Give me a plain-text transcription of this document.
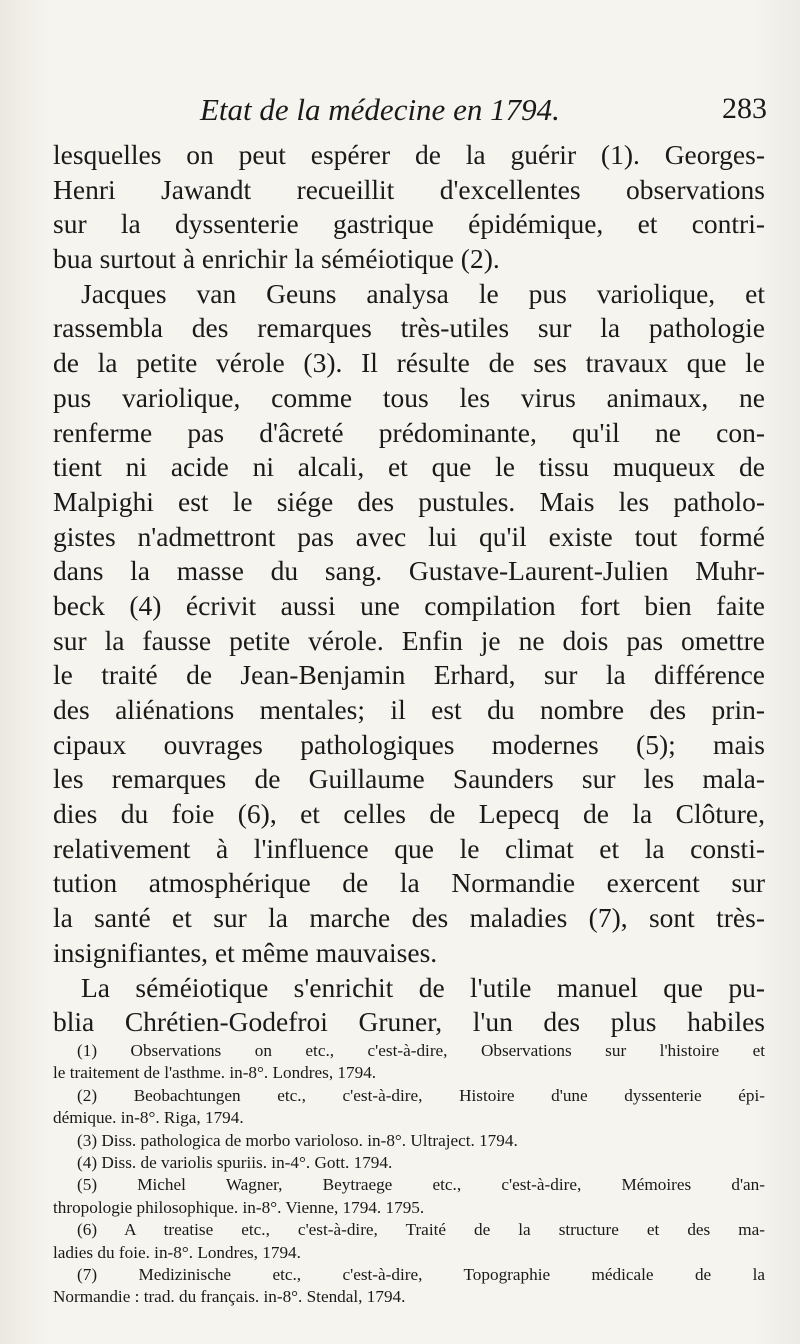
Etat de la médecine en 1794.	283
lesquelles on peut espérer de la guérir (1). Georges-
Henri Jawandt recueillit d'excellentes observations
sur la dyssenterie gastrique épidémique, et contri-
bua surtout à enrichir la séméiotique (2).
Jacques van Geuns analysa le pus variolique, et
rassembla des remarques très-utiles sur la pathologie
de la petite vérole (3). Il résulte de ses travaux que le
pus variolique, comme tous les virus animaux, ne
renferme pas d'âcreté prédominante, qu'il ne con-
tient ni acide ni alcali, et que le tissu muqueux de
Malpighi est le siége des pustules. Mais les patholo-
gistes n'admettront pas avec lui qu'il existe tout formé
dans la masse du sang. Gustave-Laurent-Julien Muhr-
beck (4) écrivit aussi une compilation fort bien faite
sur la fausse petite vérole. Enfin je ne dois pas omettre
le traité de Jean-Benjamin Erhard, sur la différence
des aliénations mentales; il est du nombre des prin-
cipaux ouvrages pathologiques modernes (5); mais
les remarques de Guillaume Saunders sur les mala-
dies du foie (6), et celles de Lepecq de la Clôture,
relativement à l'influence que le climat et la consti-
tution atmosphérique de la Normandie exercent sur
la santé et sur la marche des maladies (7), sont très-
insignifiantes, et même mauvaises.
La séméiotique s'enrichit de l'utile manuel que pu-
blia Chrétien-Godefroi Gruner, l'un des plus habiles
(1) Observations on etc., c'est-à-dire, Observations sur l'histoire et
le traitement de l'asthme. in-8°. Londres, 1794.
(2) Beobachtungen etc., c'est-à-dire, Histoire d'une dyssenterie épi-
démique. in-8°. Riga, 1794.
(3) Diss. pathologica de morbo varioloso. in-8°. Ultraject. 1794.
(4) Diss. de variolis spuriis. in-4°. Gott. 1794.
(5) Michel Wagner, Beytraege etc., c'est-à-dire, Mémoires d'an-
thropologie philosophique. in-8°. Vienne, 1794. 1795.
(6) A treatise etc., c'est-à-dire, Traité de la structure et des ma-
ladies du foie. in-8°. Londres, 1794.
(7) Medizinische etc., c'est-à-dire, Topographie médicale de la
Normandie : trad. du français. in-8°. Stendal, 1794.
